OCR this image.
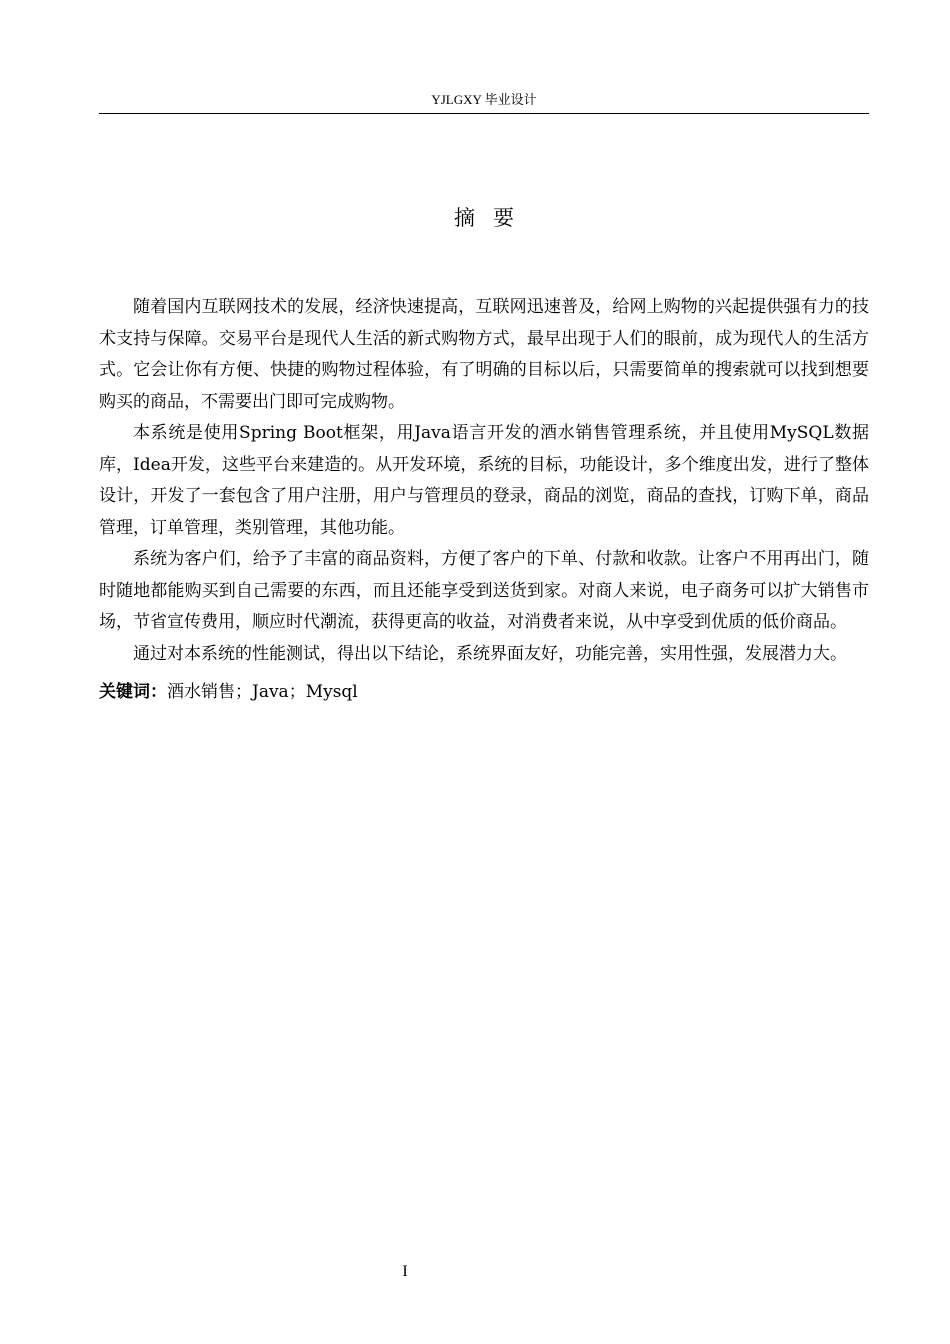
YJLGXY 毕业设计
摘要

随着国内互联网技术的发展，经济快速提高，互联网迅速普及，给网上购物的兴起提供强有力的技术支持与保障。交易平台是现代人生活的新式购物方式，最早出现于人们的眼前，成为现代人的生活方式。它会让你有方便、快捷的购物过程体验，有了明确的目标以后，只需要简单的搜索就可以找到想要购买的商品，不需要出门即可完成购物。

本系统是使用Spring Boot框架，用Java语言开发的酒水销售管理系统，并且使用MySQL数据库，Idea开发，这些平台来建造的。从开发环境，系统的目标，功能设计，多个维度出发，进行了整体设计，开发了一套包含了用户注册，用户与管理员的登录，商品的浏览，商品的查找，订购下单，商品管理，订单管理，类别管理，其他功能。

系统为客户们，给予了丰富的商品资料，方便了客户的下单、付款和收款。让客户不用再出门，随时随地都能购买到自己需要的东西，而且还能享受到送货到家。对商人来说，电子商务可以扩大销售市场，节省宣传费用，顺应时代潮流，获得更高的收益，对消费者来说，从中享受到优质的低价商品。

通过对本系统的性能测试，得出以下结论，系统界面友好，功能完善，实用性强，发展潜力大。

关键词：酒水销售；Java；Mysql

I
